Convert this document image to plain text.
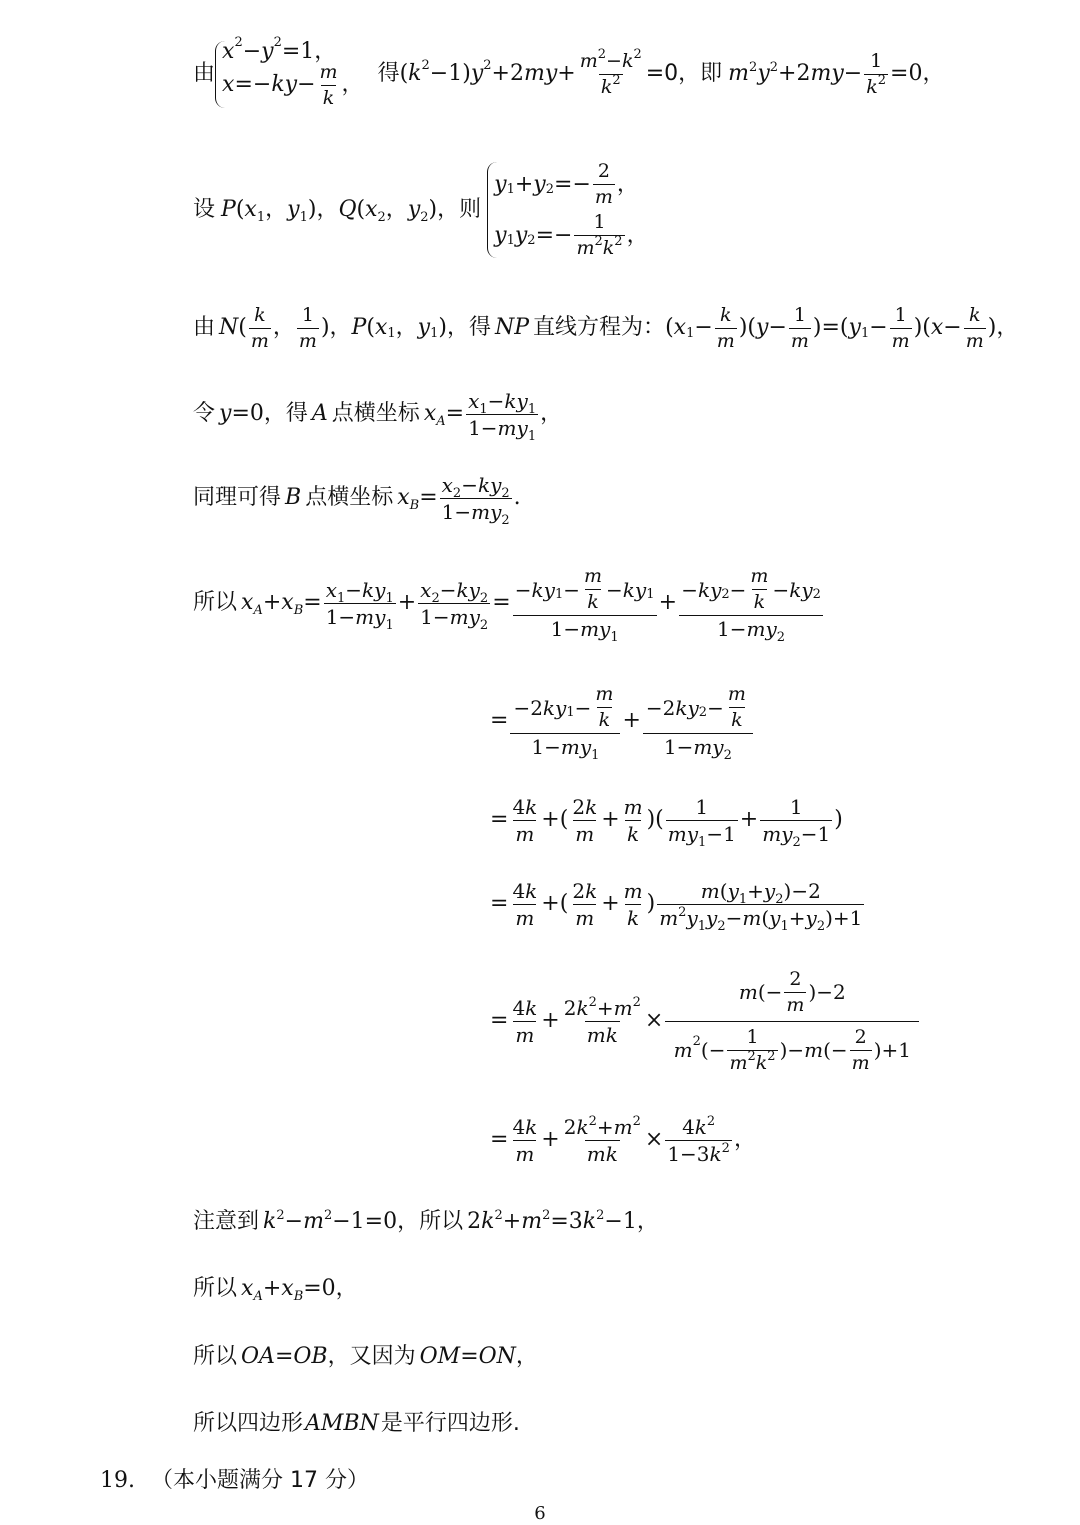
由
x 2 − y 2 =1，
x =− ky − $\frac{m}{k}$ ， 得 ( k 2 −1) y 2 +2 my + $\frac{m^2-k^2}{k^2} =0$，即 $m^2y^2+2my- \frac{1}{k^2} =0$，
设 $P(x_1$，$y_1$)，$Q(x_2$，$y_2$)， 则
y 1 + y $2 =- \frac{2}{m}$ ，
y 1 y $2 =- \frac{1}{m^2k^2}$ ，
由 $N( \frac{k}{m}$ ， $\frac{1}{m}$ )， P ( x 1 ， y 1 )， 得 NP 直线方程为： ( x $1 - \frac{k}{m}$ )( $y - \frac{1}{m}$ )=( y $1 - \frac{1}{m}$ )( $x - \frac{k}{m}$ )，
令 y=0， 得 A 点横坐标 $x_A= \frac{x_1-ky_1}{1-my_1}$ ，
同理可得 B 点横坐标 $x_B= \frac{x_2-ky_2}{1-my_2}$ .
所以 $x_A+x_B= \frac{x_1-ky_1}{1-my_1} + \frac{x_2-ky_2}{1-my_2} = \frac{- ky 1 - \frac{m}{k} - ky 1}{1-my_1} + \frac{- ky 2 - \frac{m}{k} - ky 2}{1-my_2}$
= $\frac{-2 ky 1 - \frac{m}{k}}{1-my_1} + \frac{-2 ky 2 - \frac{m}{k}}{1-my_2}$
= $\frac{4k}{m}$ +( $\frac{2k}{m} + \frac{m}{k}$ )( $\frac{1}{my_1-1} + \frac{1}{my_2-1}$ )
= $\frac{4k}{m}$ +( $\frac{2k}{m} + \frac{m}{k}$ ) $\frac{m(y_1+y_2)-2}{m^2y_1y_2-m(y_1+y_2)+1}$
= $\frac{4k}{m} + \frac{2k^2+m^2}{mk} \times \frac{m (- \frac{2}{m} )-2}{m 2 (- \frac{1}{m^2k^2} )- m (- \frac{2}{m} )+1}$
= $\frac{4k}{m} + \frac{2k^2+m^2}{mk} \times \frac{4k^2}{1-3k^2}$ ，
注意到 $k^2-m^2-1=0$， 所以 $2k^2+m^2=3k^2-1$，
所以 $x_A+x_B=0$，
所以 OA=OB， 又因为 OM=ON，
所以四边形 AMBN 是平行四边形.
19. （本小题满分 17 分）
6
